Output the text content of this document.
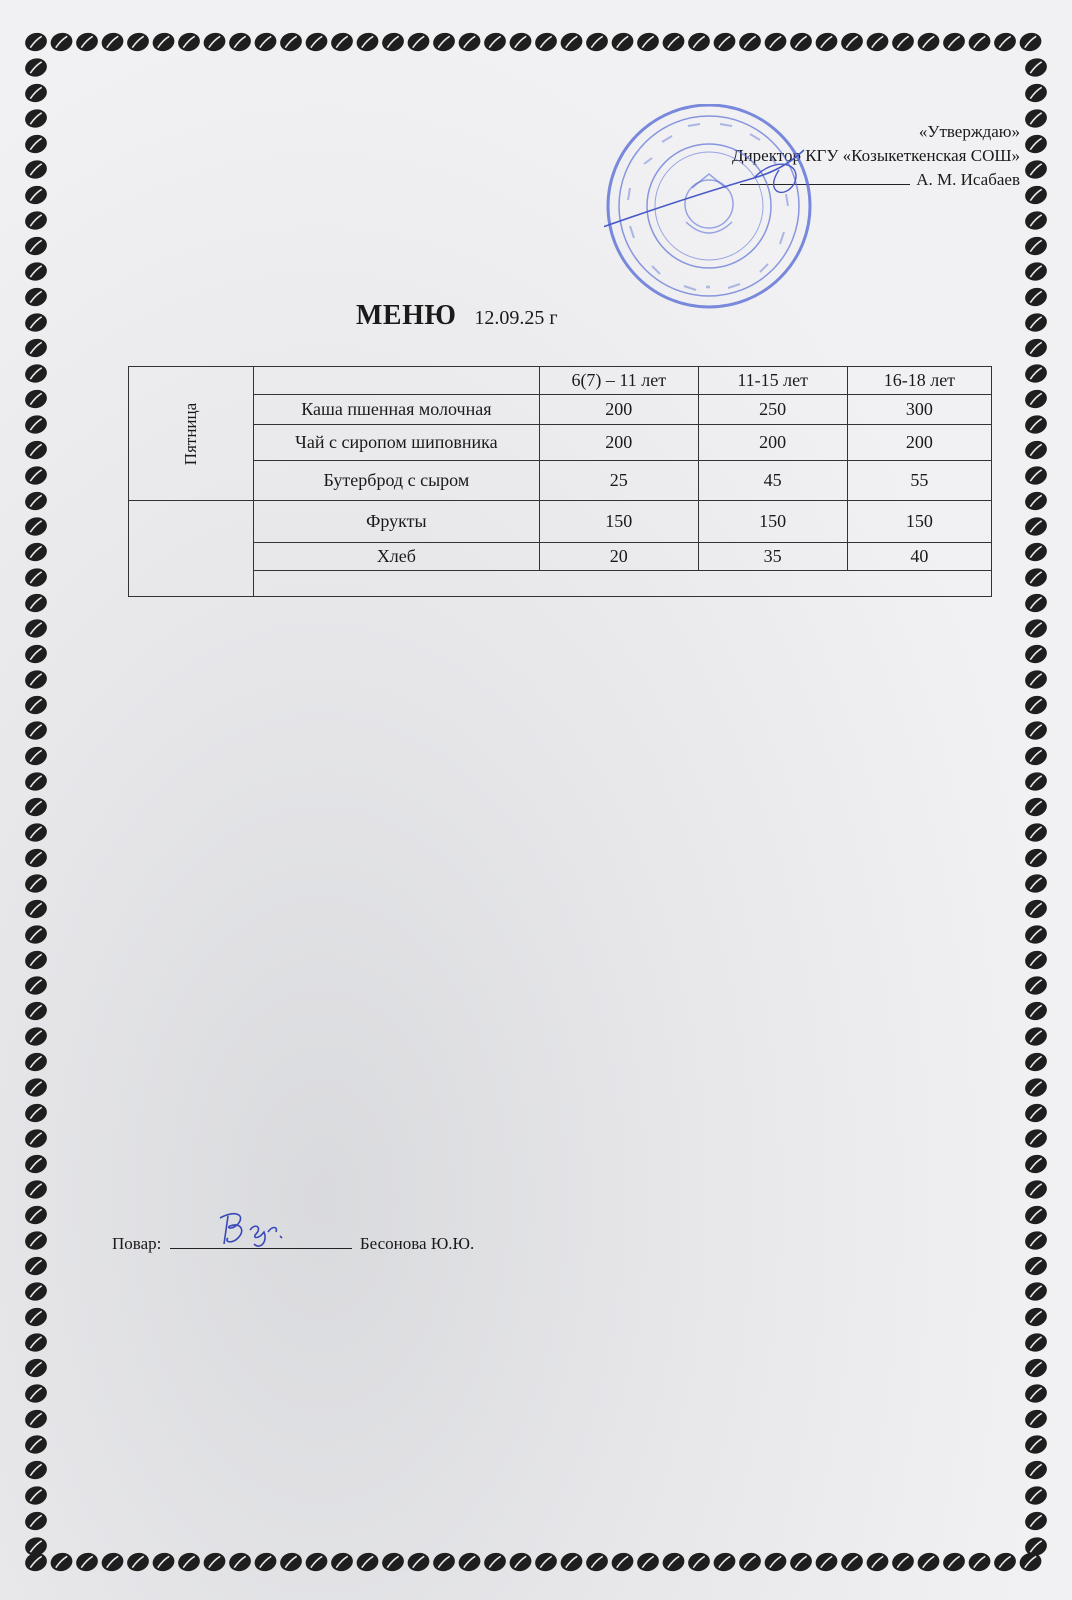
«Утверждаю»
Директор КГУ «Козыкеткенская СОШ»
А. М. Исабаев
*
МЕНЮ 12.09.25 г
Пятница		6(7) – 11 лет	11-15 лет	16-18 лет
	Каша пшенная молочная	200	250	300
	Чай с сиропом шиповника	200	200	200
	Бутерброд с сыром	25	45	55
	Фрукты	150	150	150
	Хлеб	20	35	40

Повар:	Бесонова Ю.Ю.
